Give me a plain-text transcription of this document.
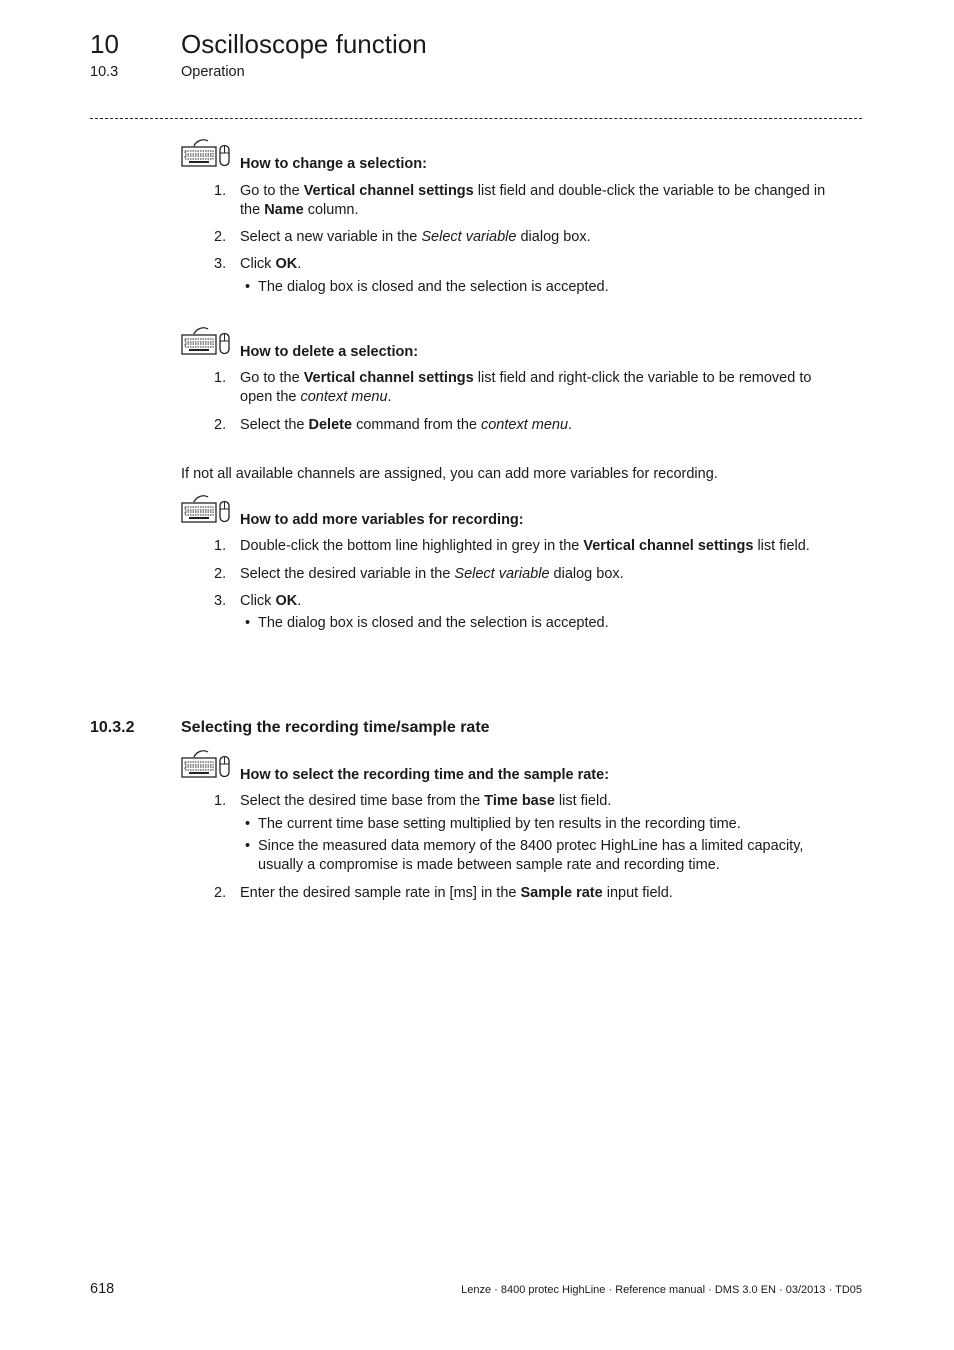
10 Oscilloscope function
10.3	Operation
How to change a selection:
1. Go to the Vertical channel settings list field and double-click the variable to be changed in
the Name column.
2. Select a new variable in the Select variable dialog box.
3. Click OK.
• The dialog box is closed and the selection is accepted.
How to delete a selection:
1. Go to the Vertical channel settings list field and right-click the variable to be removed to
open the context menu.
2. Select the Delete command from the context menu.
If not all available channels are assigned, you can add more variables for recording.
How to add more variables for recording:
1. Double-click the bottom line highlighted in grey in the Vertical channel settings list field.
2. Select the desired variable in the Select variable dialog box.
3. Click OK.
• The dialog box is closed and the selection is accepted.
10.3.2	Selecting the recording time/sample rate
How to select the recording time and the sample rate:
1. Select the desired time base from the Time base list field.
• The current time base setting multiplied by ten results in the recording time.
• Since the measured data memory of the 8400 protec HighLine has a limited capacity,
usually a compromise is made between sample rate and recording time.
2. Enter the desired sample rate in [ms] in the Sample rate input field.
618	Lenze · 8400 protec HighLine · Reference manual · DMS 3.0 EN · 03/2013 · TD05
